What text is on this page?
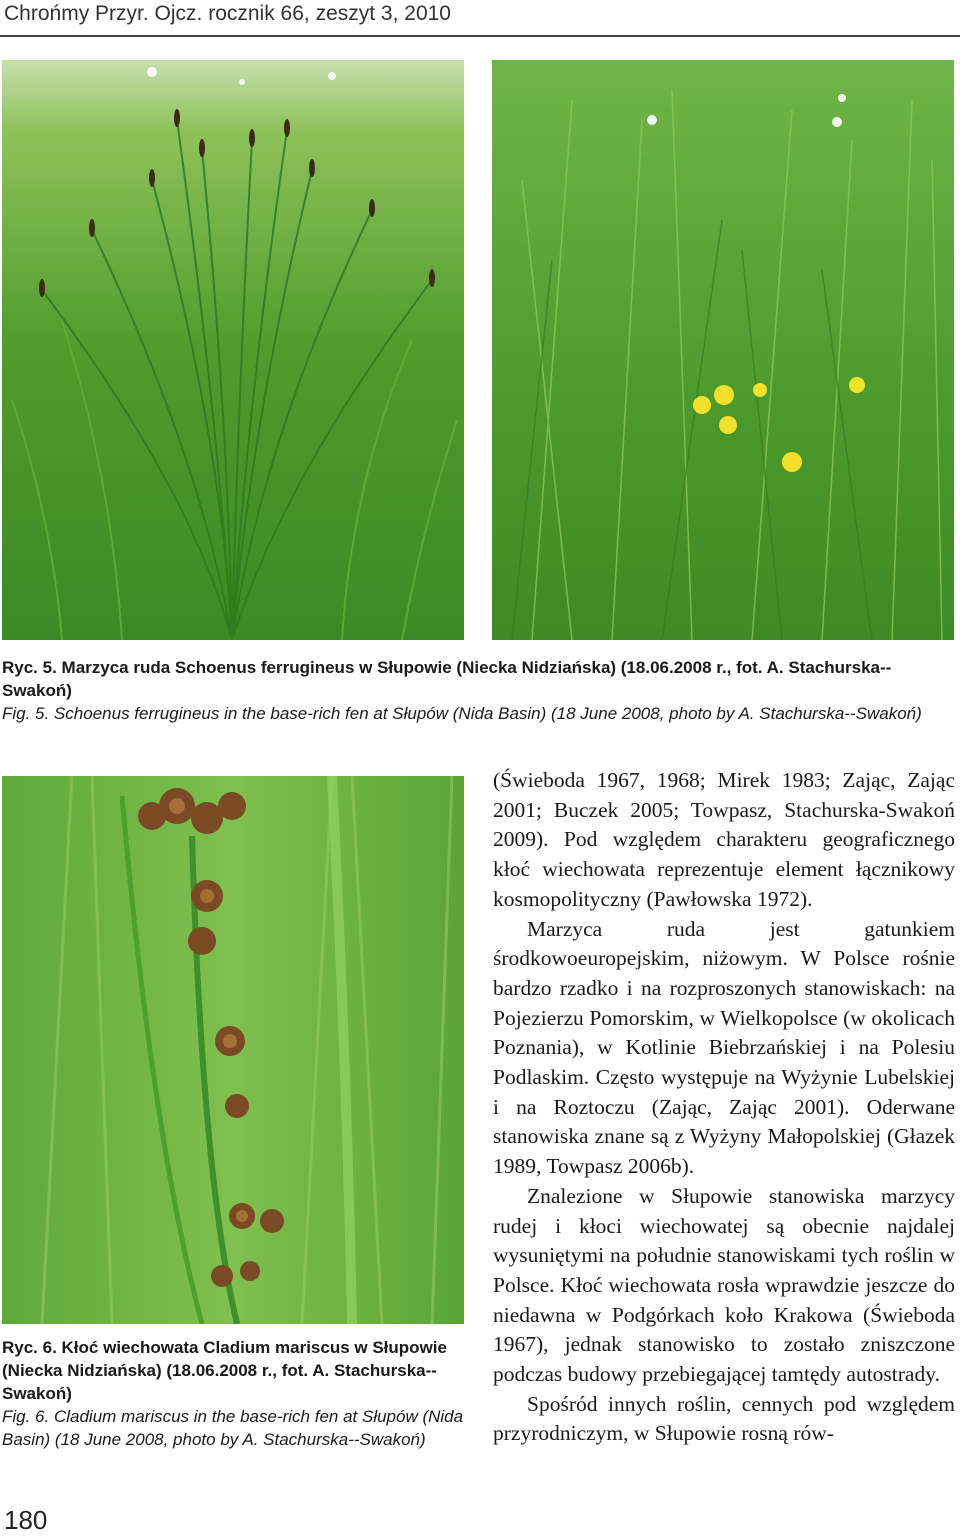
Chrońmy Przyr. Ojcz. rocznik 66, zeszyt 3, 2010

Ryc. 5. Marzyca ruda Schoenus ferrugineus w Słupowie (Niecka Nidziańska) (18.06.2008 r., fot. A. Stachurska--Swakoń)

Fig. 5. Schoenus ferrugineus in the base-rich fen at Słupów (Nida Basin) (18 June 2008, photo by A. Stachurska--Swakoń)

Ryc. 6. Kłoć wiechowata Cladium mariscus w Słupowie (Niecka Nidziańska) (18.06.2008 r., fot. A. Stachurska--Swakoń)

Fig. 6. Cladium mariscus in the base-rich fen at Słupów (Nida Basin) (18 June 2008, photo by A. Stachurska--Swakoń)

(Świeboda 1967, 1968; Mirek 1983; Zając, Zając 2001; Buczek 2005; Towpasz, Stachurska-Swakoń 2009). Pod względem charakteru geograficznego kłoć wiechowata reprezentuje element łącznikowy kosmopolityczny (Pawłowska 1972).

Marzyca ruda jest gatunkiem środkowoeuropejskim, niżowym. W Polsce rośnie bardzo rzadko i na rozproszonych stanowiskach: na Pojezierzu Pomorskim, w Wielkopolsce (w okolicach Poznania), w Kotlinie Biebrzańskiej i na Polesiu Podlaskim. Często występuje na Wyżynie Lubelskiej i na Roztoczu (Zając, Zając 2001). Oderwane stanowiska znane są z Wyżyny Małopolskiej (Głazek 1989, Towpasz 2006b).

Znalezione w Słupowie stanowiska marzycy rudej i kłoci wiechowatej są obecnie najdalej wysuniętymi na południe stanowiskami tych roślin w Polsce. Kłoć wiechowata rosła wprawdzie jeszcze do niedawna w Podgórkach koło Krakowa (Świeboda 1967), jednak stanowisko to zostało zniszczone podczas budowy przebiegającej tamtędy autostrady.

Spośród innych roślin, cennych pod względem przyrodniczym, w Słupowie rosną rów-

180
